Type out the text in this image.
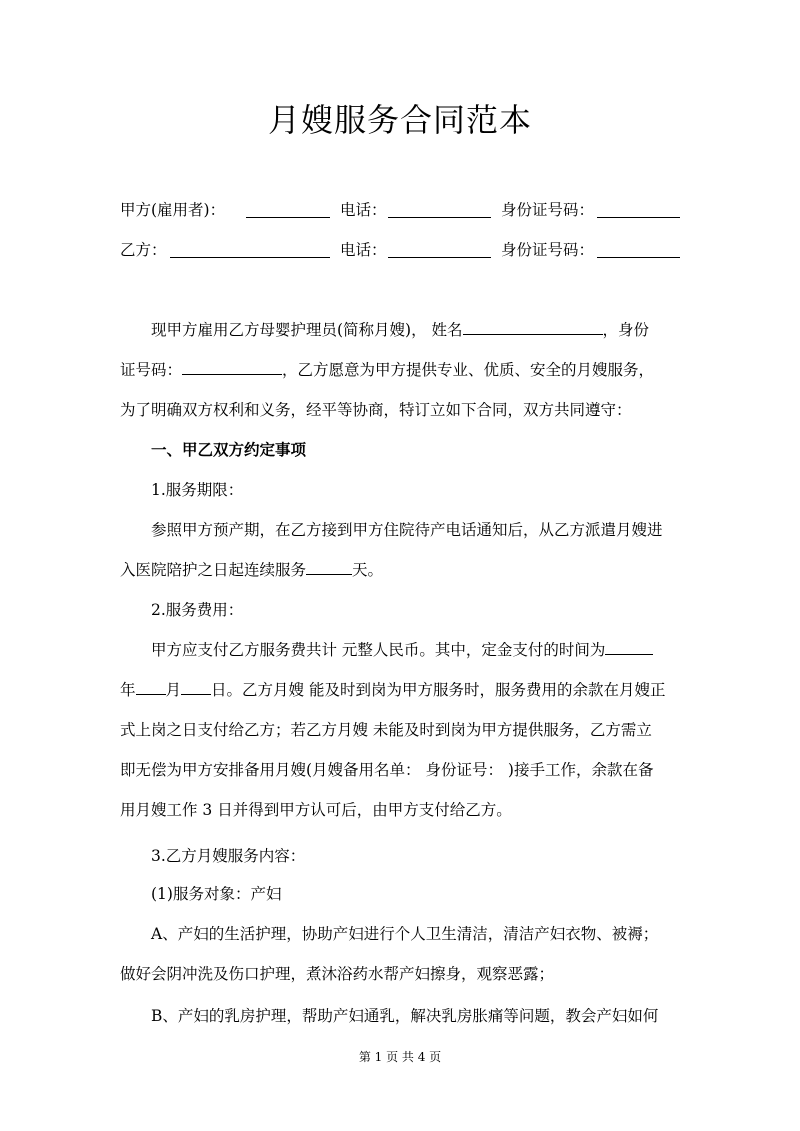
月嫂服务合同范本
甲方(雇用者)：	电话：	身份证号码：
乙方：	电话：	身份证号码：
现甲方雇用乙方母婴护理员(简称月嫂)， 姓名	，身份
证号码：	，乙方愿意为甲方提供专业、优质、安全的月嫂服务，
为了明确双方权利和义务，经平等协商，特订立如下合同，双方共同遵守：
一、甲乙双方约定事项
1.服务期限：
参照甲方预产期，在乙方接到甲方住院待产电话通知后，从乙方派遣月嫂进
入医院陪护之日起连续服务	天。
2.服务费用：
甲方应支付乙方服务费共计 元整人民币。其中，定金支付的时间为
年 月 日。乙方月嫂 能及时到岗为甲方服务时，服务费用的余款在月嫂正
式上岗之日支付给乙方；若乙方月嫂 未能及时到岗为甲方提供服务，乙方需立
即无偿为甲方安排备用月嫂(月嫂备用名单： 身份证号： )接手工作，余款在备
用月嫂工作 3 日并得到甲方认可后，由甲方支付给乙方。
3.乙方月嫂服务内容：
(1)服务对象：产妇
A、产妇的生活护理，协助产妇进行个人卫生清洁，清洁产妇衣物、被褥；
做好会阴冲洗及伤口护理，煮沐浴药水帮产妇擦身，观察恶露；
B、产妇的乳房护理，帮助产妇通乳，解决乳房胀痛等问题，教会产妇如何
第 1 页 共 4 页
